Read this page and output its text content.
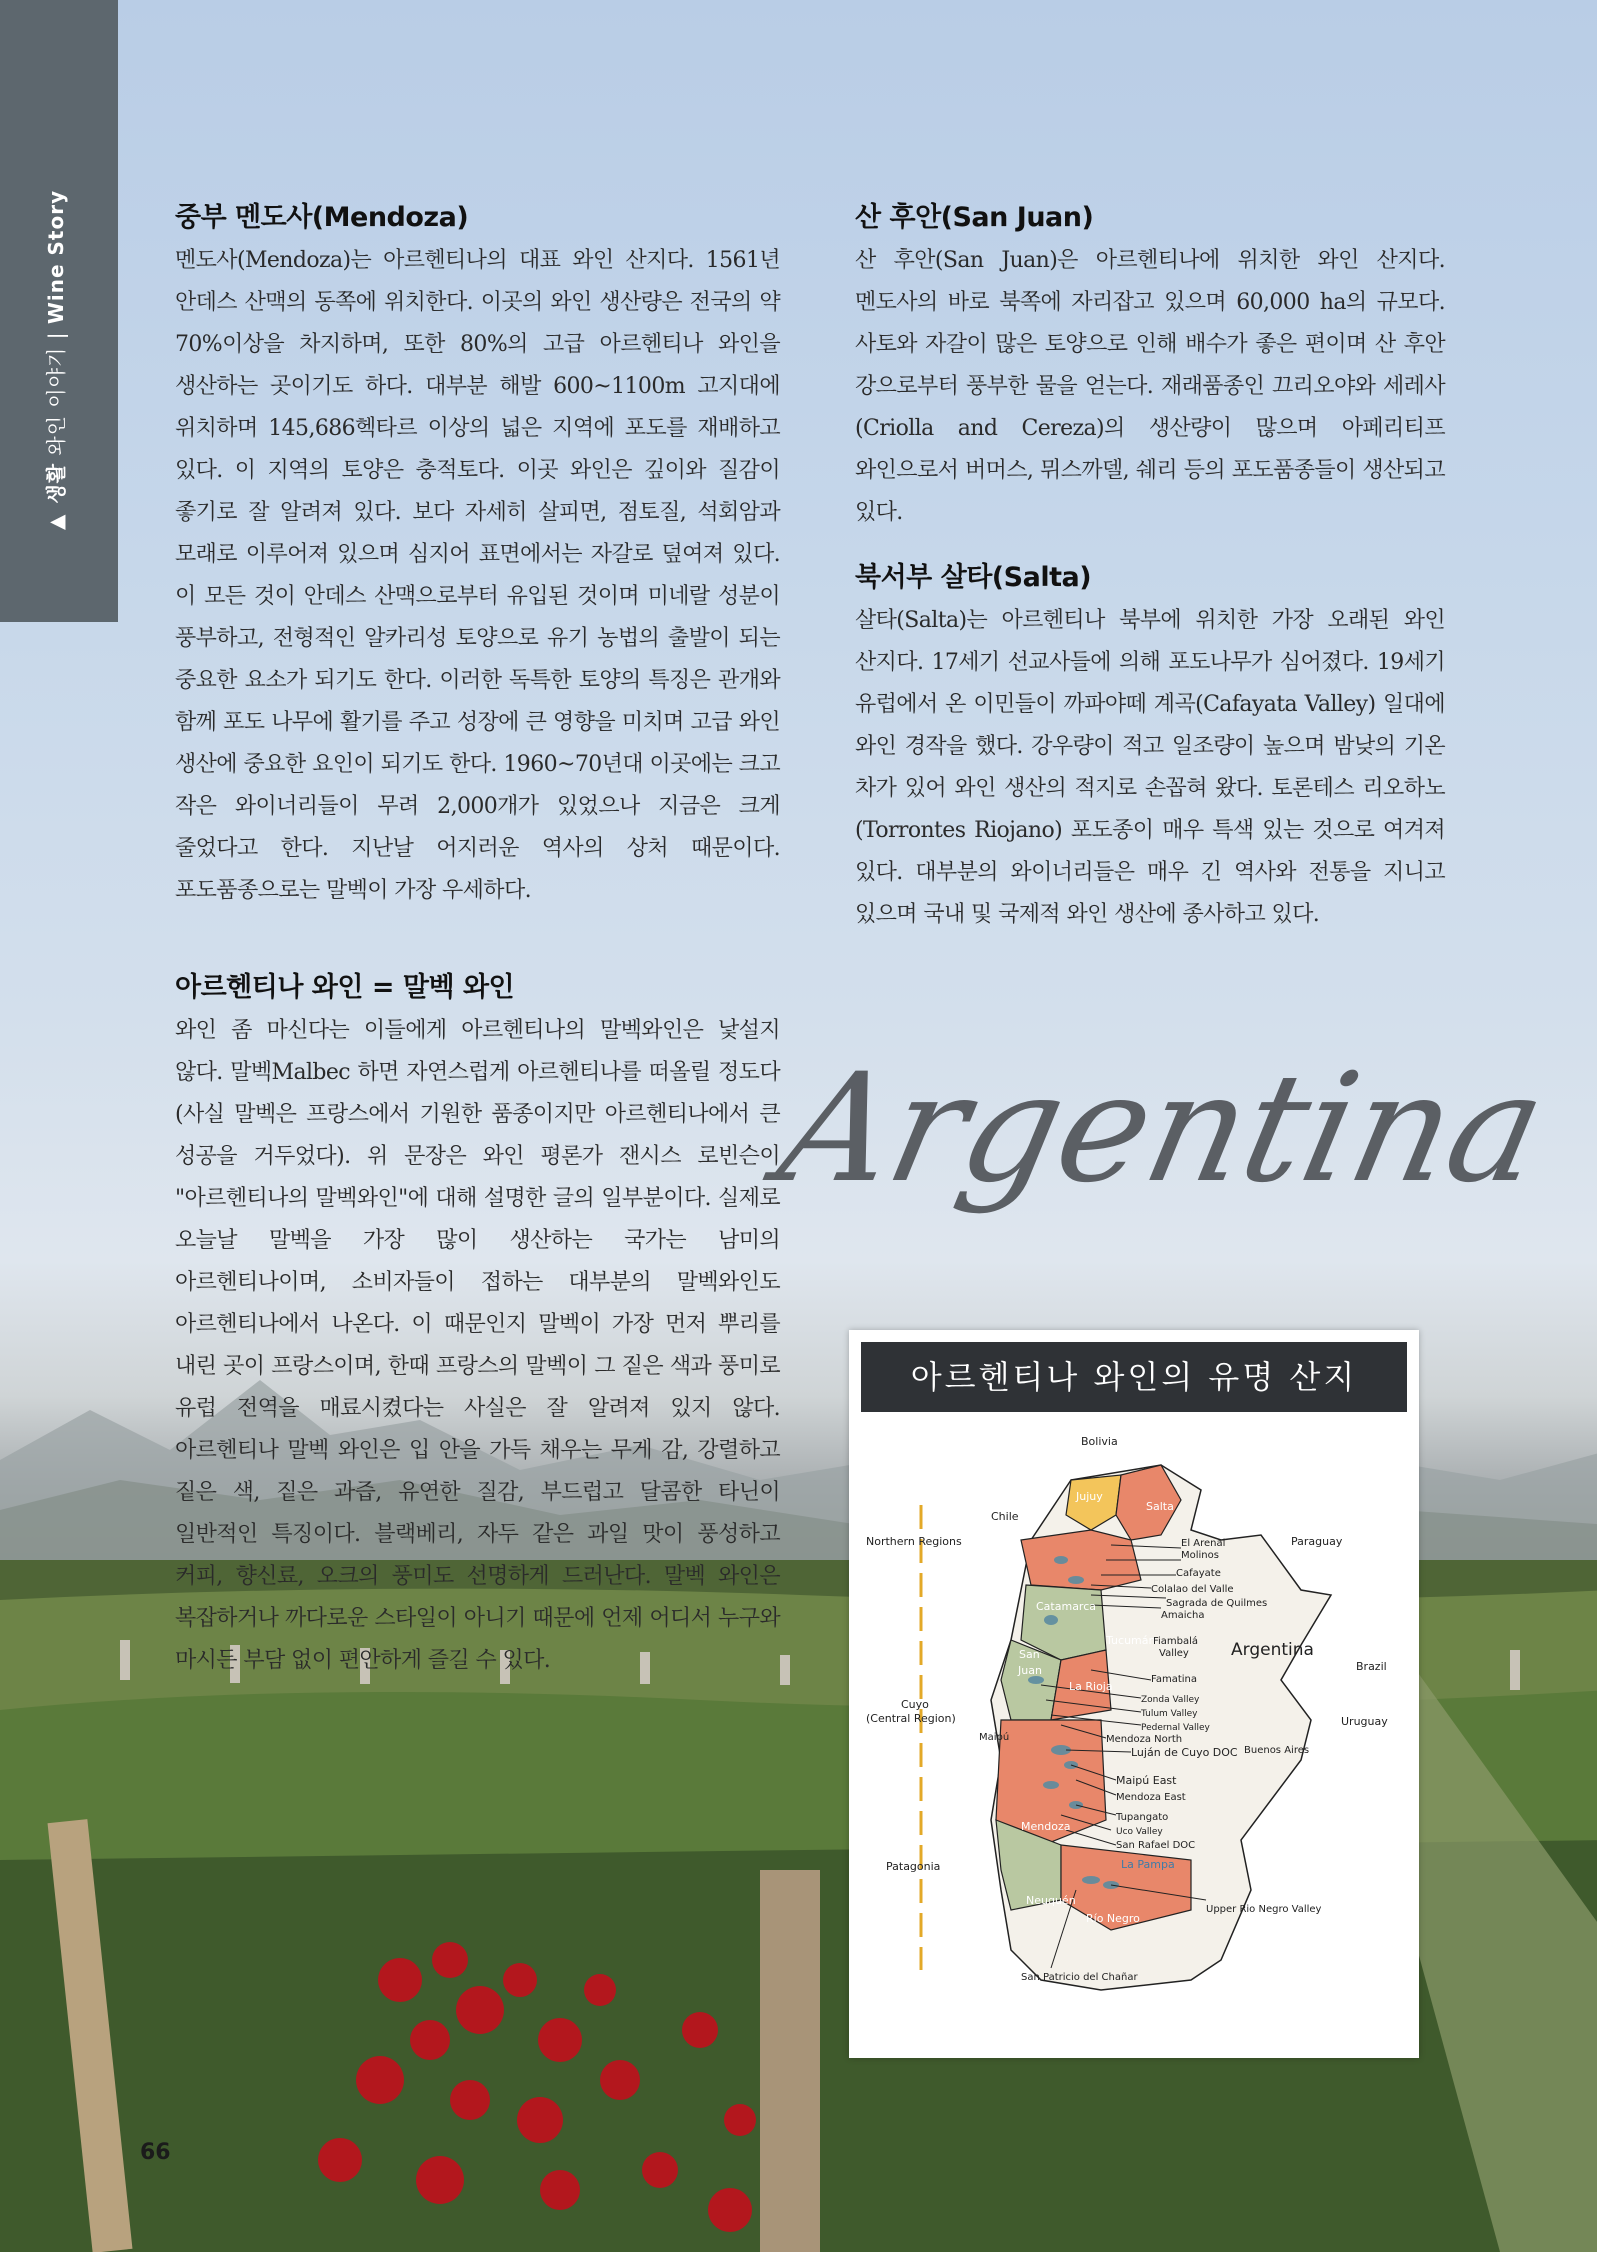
▲생활 와인 이야기 | Wine Story	중부 멘도사(Mendoza)

멘도사(Mendoza)는 아르헨티나의 대표 와인 산지다. 1561년 안데스 산맥의 동쪽에 위치한다. 이곳의 와인 생산량은 전국의 약 70%이상을 차지하며, 또한 80%의 고급 아르헨티나 와인을 생산하는 곳이기도 하다. 대부분 해발 600~1100m 고지대에 위치하며 145,686헥타르 이상의 넓은 지역에 포도를 재배하고 있다. 이 지역의 토양은 충적토다. 이곳 와인은 깊이와 질감이 좋기로 잘 알려져 있다. 보다 자세히 살피면, 점토질, 석회암과 모래로 이루어져 있으며 심지어 표면에서는 자갈로 덮여져 있다. 이 모든 것이 안데스 산맥으로부터 유입된 것이며 미네랄 성분이 풍부하고, 전형적인 알카리성 토양으로 유기 농법의 출발이 되는 중요한 요소가 되기도 한다. 이러한 독특한 토양의 특징은 관개와 함께 포도 나무에 활기를 주고 성장에 큰 영향을 미치며 고급 와인 생산에 중요한 요인이 되기도 한다. 1960~70년대 이곳에는 크고 작은 와이너리들이 무려 2,000개가 있었으나 지금은 크게 줄었다고 한다. 지난날 어지러운 역사의 상처 때문이다. 포도품종으로는 말벡이 가장 우세하다.

아르헨티나 와인 = 말벡 와인

와인 좀 마신다는 이들에게 아르헨티나의 말벡와인은 낯설지 않다. 말벡Malbec 하면 자연스럽게 아르헨티나를 떠올릴 정도다(사실 말벡은 프랑스에서 기원한 품종이지만 아르헨티나에서 큰 성공을 거두었다). 위 문장은 와인 평론가 잰시스 로빈슨이 "아르헨티나의 말벡와인"에 대해 설명한 글의 일부분이다. 실제로 오늘날 말벡을 가장 많이 생산하는 국가는 남미의 아르헨티나이며, 소비자들이 접하는 대부분의 말벡와인도 아르헨티나에서 나온다. 이 때문인지 말벡이 가장 먼저 뿌리를 내린 곳이 프랑스이며, 한때 프랑스의 말벡이 그 짙은 색과 풍미로 유럽 전역을 매료시켰다는 사실은 잘 알려져 있지 않다. 아르헨티나 말벡 와인은 입 안을 가득 채우는 무게 감, 강렬하고 짙은 색, 짙은 과즙, 유연한 질감, 부드럽고 달콤한 타닌이 일반적인 특징이다. 블랙베리, 자두 같은 과일 맛이 풍성하고 커피, 향신료, 오크의 풍미도 선명하게 드러난다. 말벡 와인은 복잡하거나 까다로운 스타일이 아니기 때문에 언제 어디서 누구와 마시든 부담 없이 편안하게 즐길 수 있다.

산 후안(San Juan)

산 후안(San Juan)은 아르헨티나에 위치한 와인 산지다. 멘도사의 바로 북쪽에 자리잡고 있으며 60,000 ha의 규모다. 사토와 자갈이 많은 토양으로 인해 배수가 좋은 편이며 산 후안 강으로부터 풍부한 물을 얻는다. 재래품종인 끄리오야와 세레사(Criolla and Cereza)의 생산량이 많으며 아페리티프 와인으로서 버머스, 뮈스까델, 쉐리 등의 포도품종들이 생산되고 있다.

북서부 살타(Salta)

살타(Salta)는 아르헨티나 북부에 위치한 가장 오래된 와인 산지다. 17세기 선교사들에 의해 포도나무가 심어졌다. 19세기 유럽에서 온 이민들이 까파야떼 계곡(Cafayata Valley) 일대에 와인 경작을 했다. 강우량이 적고 일조량이 높으며 밤낮의 기온 차가 있어 와인 생산의 적지로 손꼽혀 왔다. 토론테스 리오하노(Torrontes Riojano) 포도종이 매우 특색 있는 것으로 여겨져 있다. 대부분의 와이너리들은 매우 긴 역사와 전통을 지니고 있으며 국내 및 국제적 와인 생산에 종사하고 있다.

Argentina
아르헨티나 와인의 유명 산지
Bolivia
Chile
Paraguay
Brazil
Uruguay
Buenos Aires
Argentina
Northern Regions
Cuyo
(Central Region)
Patagonia
Jujuy
Salta
Catamarca
Tucumán
San
Juan
La Rioja
Mendoza
La Pampa
Neuquén
Río Negro
Maipú
El Arenal
Molinos
Cafayate
Colalao del Valle
Sagrada de Quilmes
Amaicha
Fiambalá
Valley
Famatina
Zonda Valley
Tulum Valley
Pedernal Valley
Mendoza North
Luján de Cuyo DOC
Maipú East
Mendoza East
Tupangato
Uco Valley
San Rafael DOC
Upper Rio Negro Valley
San Patricio del Chañar
66
